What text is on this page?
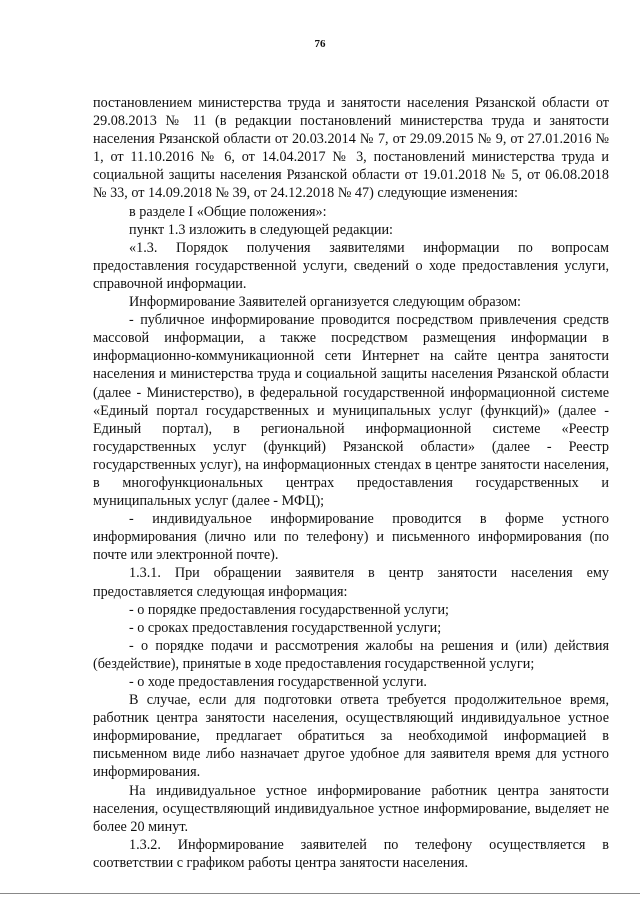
76

постановлением министерства труда и занятости населения Рязанской области от 29.08.2013 № 11 (в редакции постановлений министерства труда и занятости населения Рязанской области от 20.03.2014 № 7, от 29.09.2015 № 9, от 27.01.2016 № 1, от 11.10.2016 № 6, от 14.04.2017 № 3, постановлений министерства труда и социальной защиты населения Рязанской области от 19.01.2018 № 5, от 06.08.2018 № 33, от 14.09.2018 № 39, от 24.12.2018 № 47) следующие изменения:

в разделе I «Общие положения»:

пункт 1.3 изложить в следующей редакции:

«1.3. Порядок получения заявителями информации по вопросам предоставления государственной услуги, сведений о ходе предоставления услуги, справочной информации.

Информирование Заявителей организуется следующим образом:

- публичное информирование проводится посредством привлечения средств массовой информации, а также посредством размещения информации в информационно-коммуникационной сети Интернет на сайте центра занятости населения и министерства труда и социальной защиты населения Рязанской области (далее - Министерство), в федеральной государственной информационной системе «Единый портал государственных и муниципальных услуг (функций)» (далее - Единый портал), в региональной информационной системе «Реестр государственных услуг (функций) Рязанской области» (далее - Реестр государственных услуг), на информационных стендах в центре занятости населения, в многофункциональных центрах предоставления государственных и муниципальных услуг (далее - МФЦ);

- индивидуальное информирование проводится в форме устного информирования (лично или по телефону) и письменного информирования (по почте или электронной почте).

1.3.1. При обращении заявителя в центр занятости населения ему предоставляется следующая информация:

- о порядке предоставления государственной услуги;

- о сроках предоставления государственной услуги;

- о порядке подачи и рассмотрения жалобы на решения и (или) действия (бездействие), принятые в ходе предоставления государственной услуги;

- о ходе предоставления государственной услуги.

В случае, если для подготовки ответа требуется продолжительное время, работник центра занятости населения, осуществляющий индивидуальное устное информирование, предлагает обратиться за необходимой информацией в письменном виде либо назначает другое удобное для заявителя время для устного информирования.

На индивидуальное устное информирование работник центра занятости населения, осуществляющий индивидуальное устное информирование, выделяет не более 20 минут.

1.3.2. Информирование заявителей по телефону осуществляется в соответствии с графиком работы центра занятости населения.
